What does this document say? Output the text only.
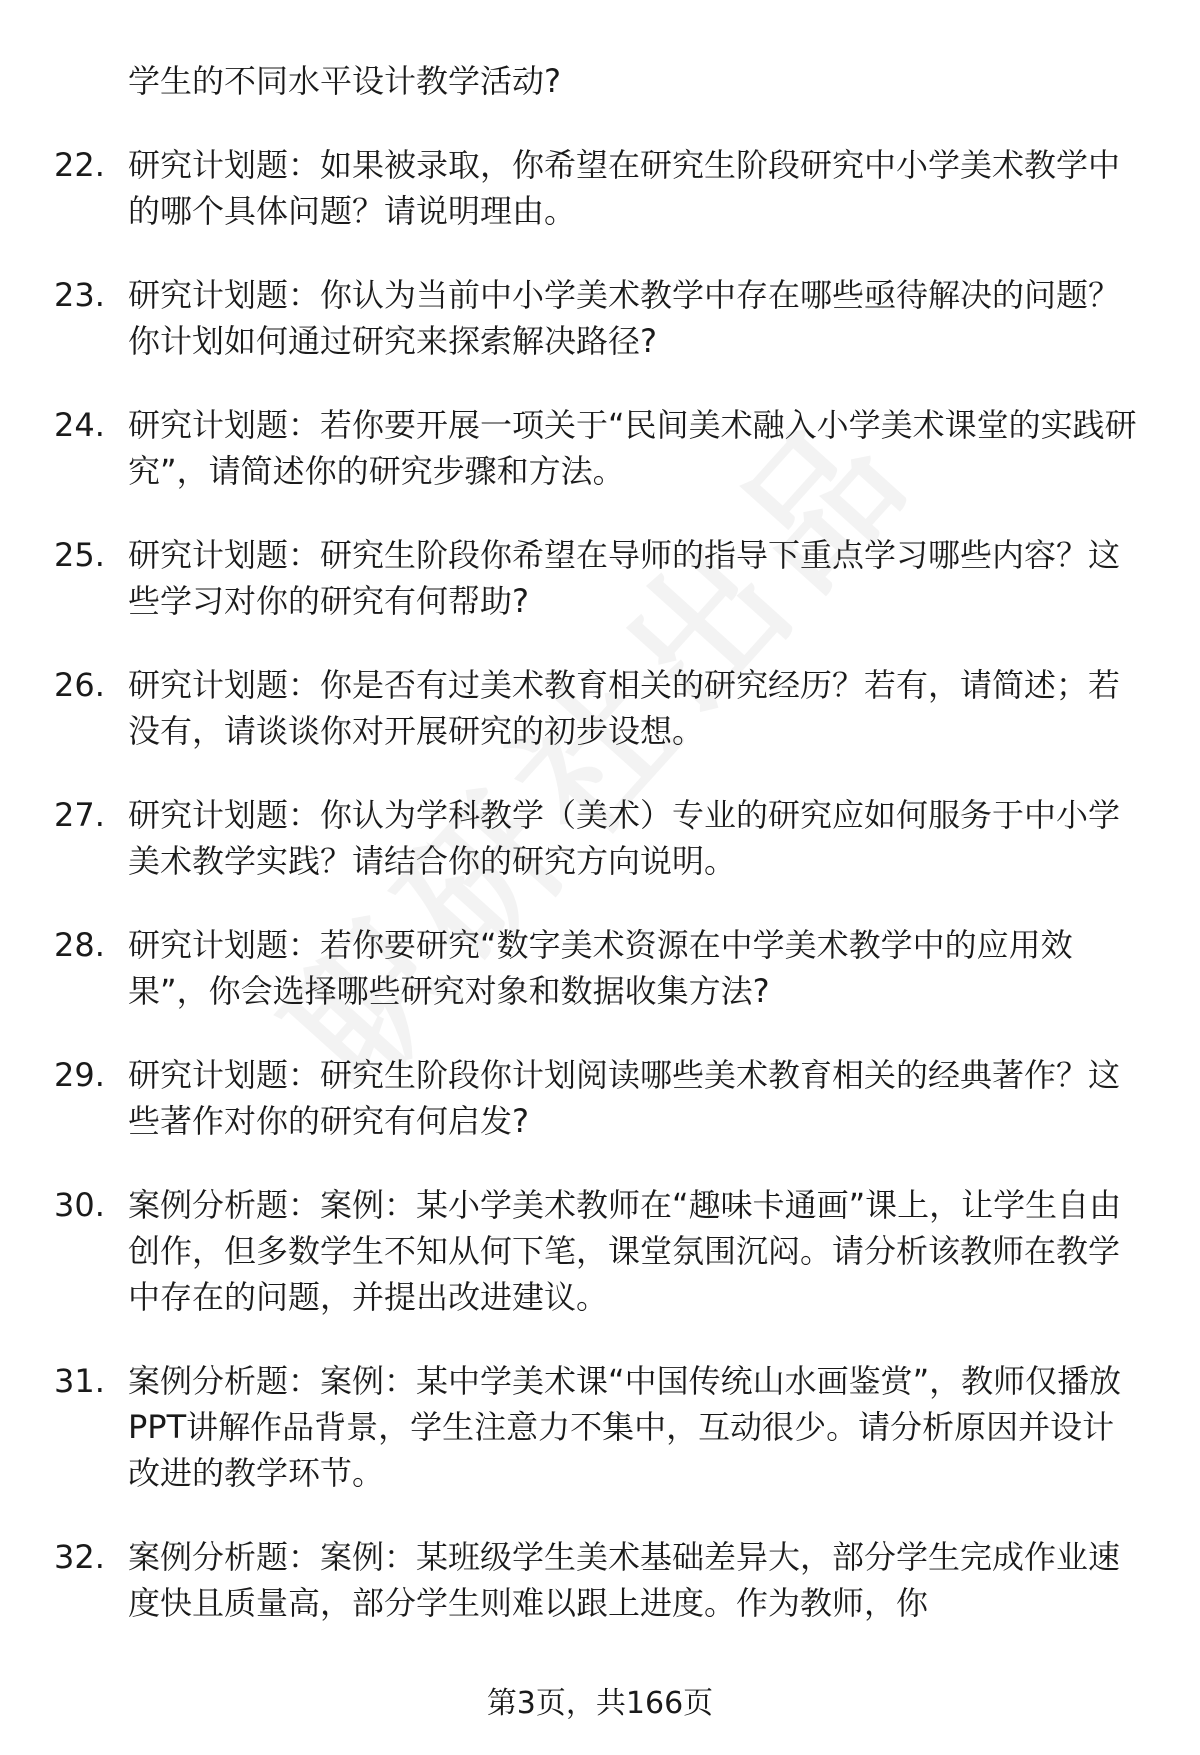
学生的不同水平设计教学活动?
22. 研究计划题：如果被录取，你希望在研究生阶段研究中小学美术教学中的哪个具体问题？请说明理由。
23. 研究计划题：你认为当前中小学美术教学中存在哪些亟待解决的问题？你计划如何通过研究来探索解决路径?
24. 研究计划题：若你要开展一项关于“民间美术融入小学美术课堂的实践研究”，请简述你的研究步骤和方法。
25. 研究计划题：研究生阶段你希望在导师的指导下重点学习哪些内容？这些学习对你的研究有何帮助?
26. 研究计划题：你是否有过美术教育相关的研究经历？若有，请简述；若没有，请谈谈你对开展研究的初步设想。
27. 研究计划题：你认为学科教学（美术）专业的研究应如何服务于中小学美术教学实践？请结合你的研究方向说明。
28. 研究计划题：若你要研究“数字美术资源在中学美术教学中的应用效果”，你会选择哪些研究对象和数据收集方法?
29. 研究计划题：研究生阶段你计划阅读哪些美术教育相关的经典著作？这些著作对你的研究有何启发?
30. 案例分析题：案例：某小学美术教师在“趣味卡通画”课上，让学生自由创作，但多数学生不知从何下笔，课堂氛围沉闷。请分析该教师在教学中存在的问题，并提出改进建议。
31. 案例分析题：案例：某中学美术课“中国传统山水画鉴赏”，教师仅播放PPT讲解作品背景，学生注意力不集中，互动很少。请分析原因并设计改进的教学环节。
32. 案例分析题：案例：某班级学生美术基础差异大，部分学生完成作业速度快且质量高，部分学生则难以跟上进度。作为教师，你
第3页，共166页
